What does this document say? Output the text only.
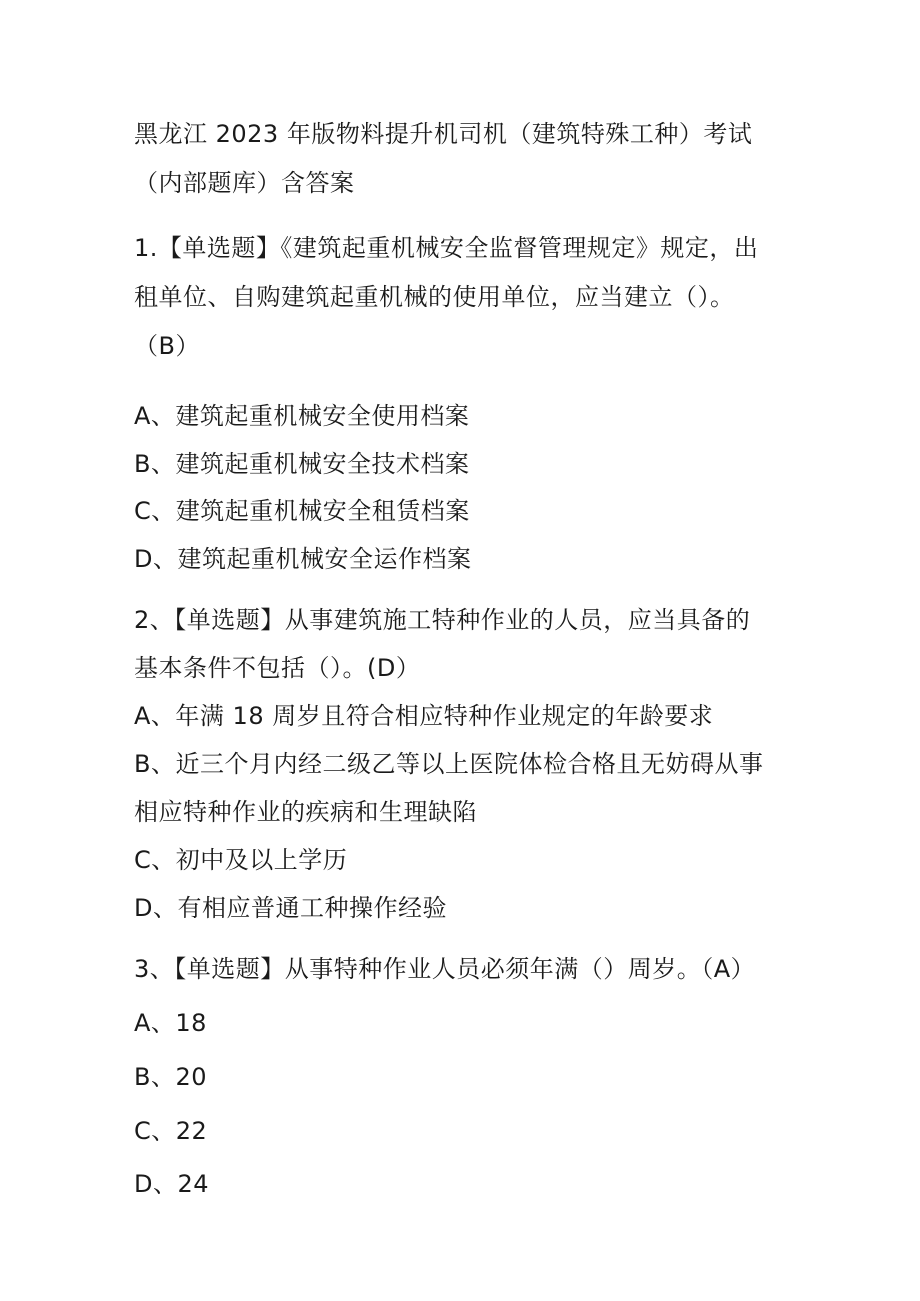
黑龙江 2023 年版物料提升机司机（建筑特殊工种）考试
（内部题库）含答案
1.【单选题】《建筑起重机械安全监督管理规定》规定，出
租单位、自购建筑起重机械的使用单位，应当建立（）。
（B）
A、建筑起重机械安全使用档案
B、建筑起重机械安全技术档案
C、建筑起重机械安全租赁档案
D、建筑起重机械安全运作档案
2、【单选题】从事建筑施工特种作业的人员，应当具备的
基本条件不包括（）。(D）
A、年满 18 周岁且符合相应特种作业规定的年龄要求
B、近三个月内经二级乙等以上医院体检合格且无妨碍从事
相应特种作业的疾病和生理缺陷
C、初中及以上学历
D、有相应普通工种操作经验
3、【单选题】从事特种作业人员必须年满（）周岁。（A）
A、18
B、20
C、22
D、24
